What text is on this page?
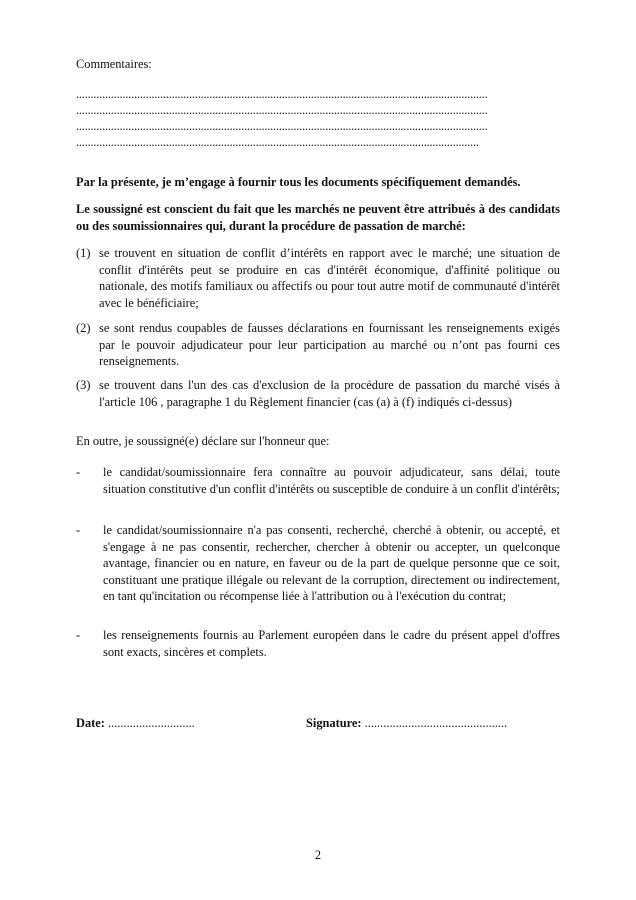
Commentaires:
..............................................................................................................................................
..............................................................................................................................................
..............................................................................................................................................
...........................................................................................................................................
Par la présente, je m’engage à fournir tous les documents spécifiquement demandés.
Le soussigné est conscient du fait que les marchés ne peuvent être attribués à des candidats ou des soumissionnaires qui, durant la procédure de passation de marché:
(1) se trouvent en situation de conflit d’intérêts en rapport avec le marché; une situation de conflit d'intérêts peut se produire en cas d'intérêt économique, d'affinité politique ou nationale, des motifs familiaux ou affectifs ou pour tout autre motif de communauté d'intérêt avec le bénéficiaire;
(2) se sont rendus coupables de fausses déclarations en fournissant les renseignements exigés par le pouvoir adjudicateur pour leur participation au marché ou n’ont pas fourni ces renseignements.
(3) se trouvent dans l'un des cas d'exclusion de la procédure de passation du marché visés à l'article 106 , paragraphe 1 du Règlement financier (cas (a) à (f) indiqués ci-dessus)
En outre, je soussigné(e) déclare sur l'honneur que:
- le candidat/soumissionnaire fera connaître au pouvoir adjudicateur, sans délai, toute situation constitutive d'un conflit d'intérêts ou susceptible de conduire à un conflit d'intérêts;
- le candidat/soumissionnaire n'a pas consenti, recherché, cherché à obtenir, ou accepté, et s'engage à ne pas consentir, rechercher, chercher à obtenir ou accepter, un quelconque avantage, financier ou en nature, en faveur ou de la part de quelque personne que ce soit, constituant une pratique illégale ou relevant de la corruption, directement ou indirectement, en tant qu'incitation ou récompense liée à l'attribution ou à l'exécution du contrat;
- les renseignements fournis au Parlement européen dans le cadre du présent appel d'offres sont exacts, sincères et complets.
Date: ............................	Signature: ..............................................
2
